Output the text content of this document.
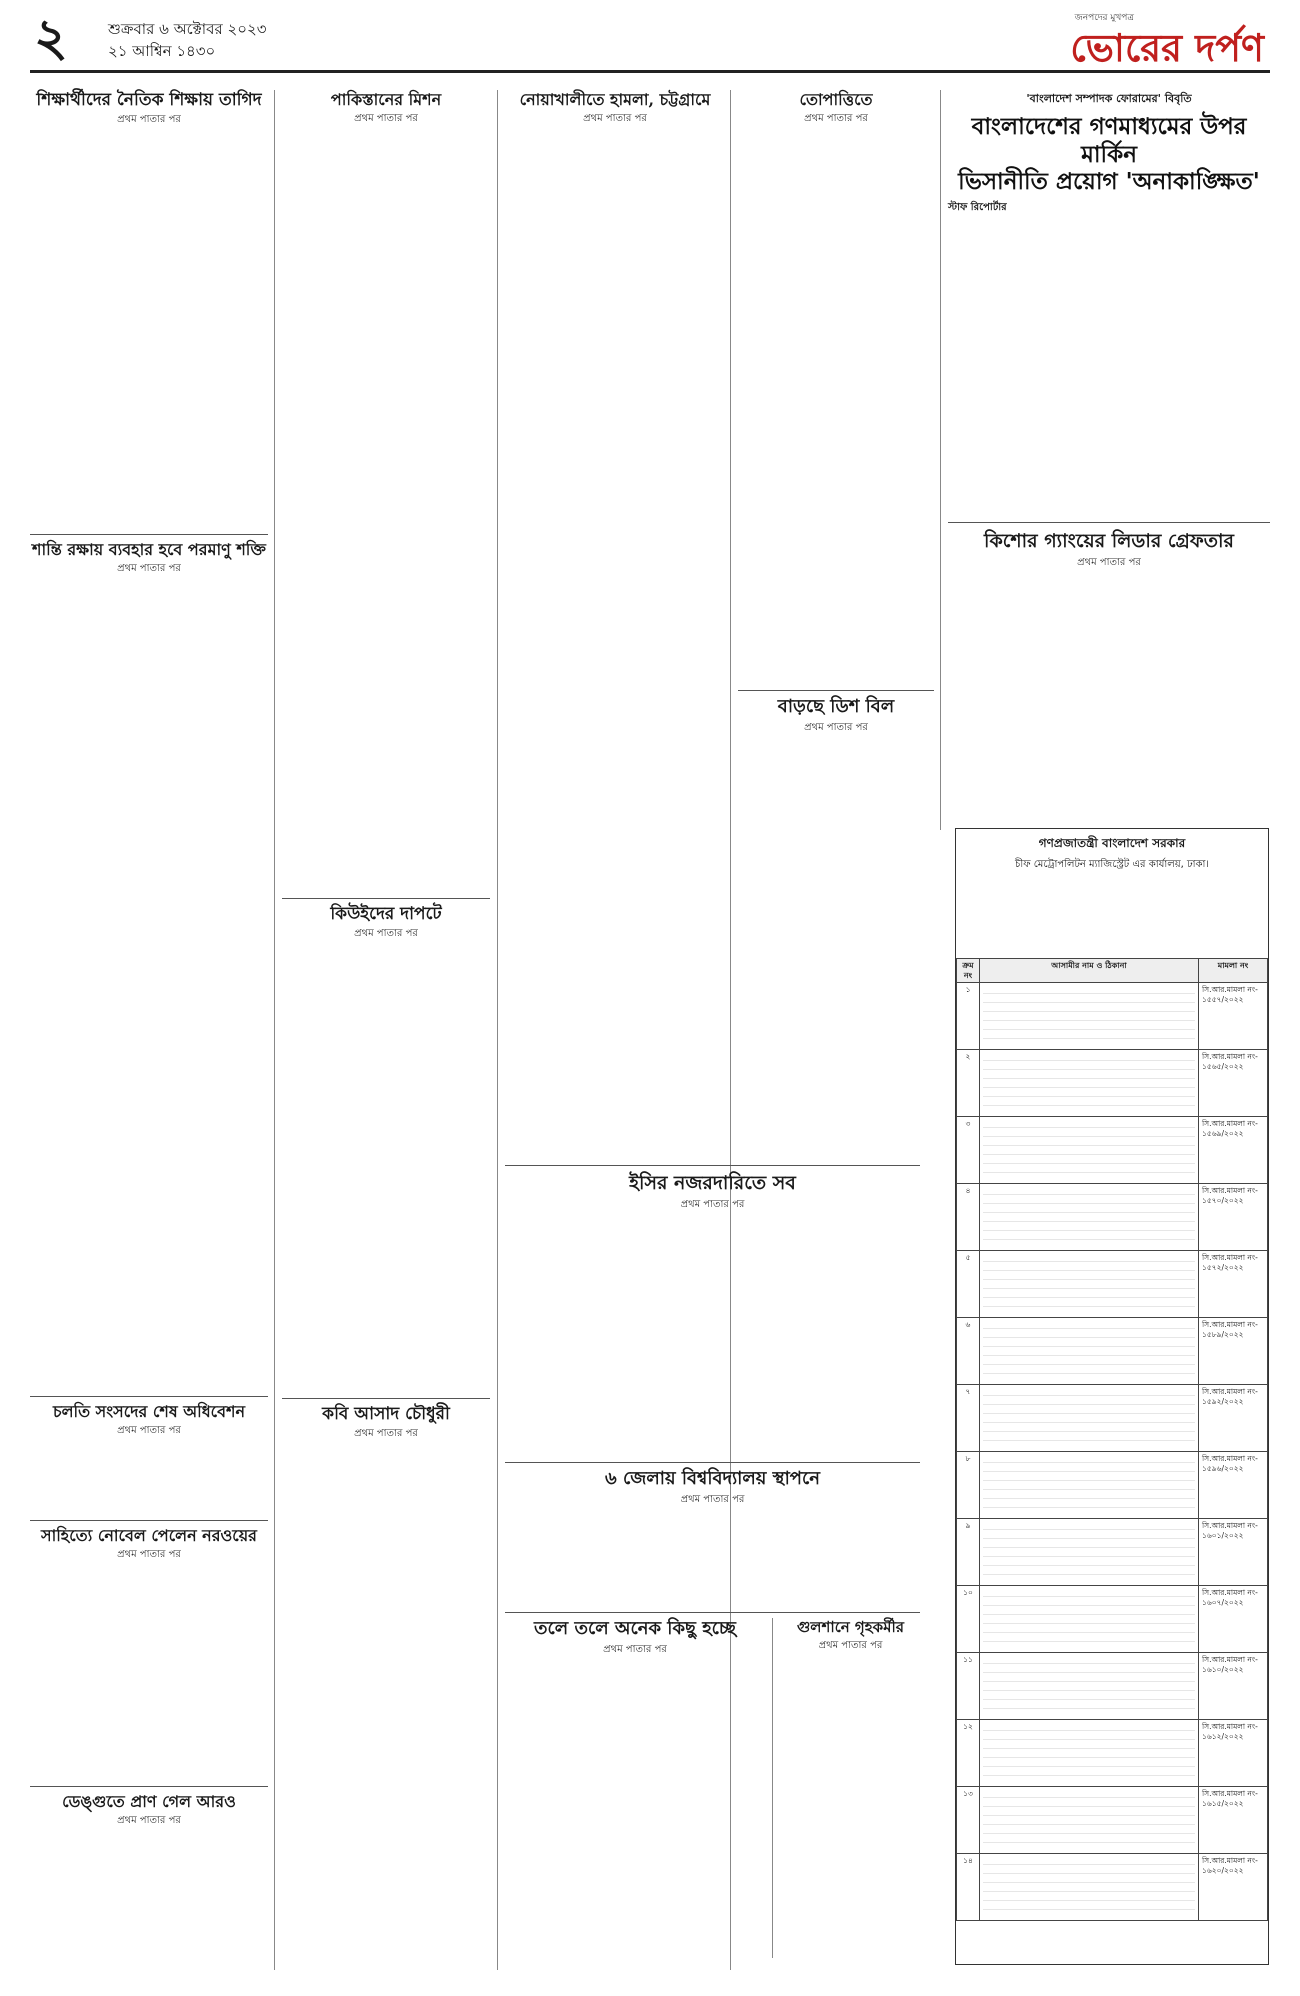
২	শুক্রবার ৬ অক্টোবর ২০২৩
২১ আশ্বিন ১৪৩০
জনপদের মুখপত্র
ভোরের দর্পণ
শিক্ষার্থীদের নৈতিক শিক্ষায় তাগিদ
প্রথম পাতার পর

শান্তি রক্ষায় ব্যবহার হবে পরমাণু শক্তি
প্রথম পাতার পর

চলতি সংসদের শেষ অধিবেশন
প্রথম পাতার পর

সাহিত্যে নোবেল পেলেন নরওয়ের
প্রথম পাতার পর

ডেঙ্গুতে প্রাণ গেল আরও
প্রথম পাতার পর

পাকিস্তানের মিশন
প্রথম পাতার পর

কিউইদের দাপটে
প্রথম পাতার পর

কবি আসাদ চৌধুরী
প্রথম পাতার পর

নোয়াখালীতে হামলা, চট্টগ্রামে
প্রথম পাতার পর

ইসির নজরদারিতে সব
প্রথম পাতার পর

৬ জেলায় বিশ্ববিদ্যালয় স্থাপনে
প্রথম পাতার পর

তলে তলে অনেক কিছু হচ্ছে
প্রথম পাতার পর

গুলশানে গৃহকর্মীর
প্রথম পাতার পর

তোপাত্তিতে
প্রথম পাতার পর

বাড়ছে ডিশ বিল
প্রথম পাতার পর

'বাংলাদেশ সম্পাদক ফোরামের' বিবৃতি
বাংলাদেশের গণমাধ্যমের উপর মার্কিন
ভিসানীতি প্রয়োগ 'অনাকাঙ্ক্ষিত'
স্টাফ রিপোর্টার

কিশোর গ্যাংয়ের লিডার গ্রেফতার
প্রথম পাতার পর

গণপ্রজাতন্ত্রী বাংলাদেশ সরকার
চীফ মেট্রোপলিটন ম্যাজিস্ট্রেট এর কার্যালয়, ঢাকা।
ক্রম নং	আসামীর নাম ও ঠিকানা	মামলা নং
১		সি.আর.মামলা নং- ১৫৫৭/২০২২
২		সি.আর.মামলা নং- ১৫৬৫/২০২২
৩		সি.আর.মামলা নং- ১৫৬৯/২০২২
৪		সি.আর.মামলা নং- ১৫৭০/২০২২
৫		সি.আর.মামলা নং- ১৫৭২/২০২২
৬		সি.আর.মামলা নং- ১৫৮৯/২০২২
৭		সি.আর.মামলা নং- ১৫৯২/২০২২
৮		সি.আর.মামলা নং- ১৫৯৬/২০২২
৯		সি.আর.মামলা নং- ১৬০১/২০২২
১০		সি.আর.মামলা নং- ১৬০৭/২০২২
১১		সি.আর.মামলা নং- ১৬১০/২০২২
১২		সি.আর.মামলা নং- ১৬১২/২০২২
১৩		সি.আর.মামলা নং- ১৬১৫/২০২২
১৪		সি.আর.মামলা নং- ১৬২০/২০২২
